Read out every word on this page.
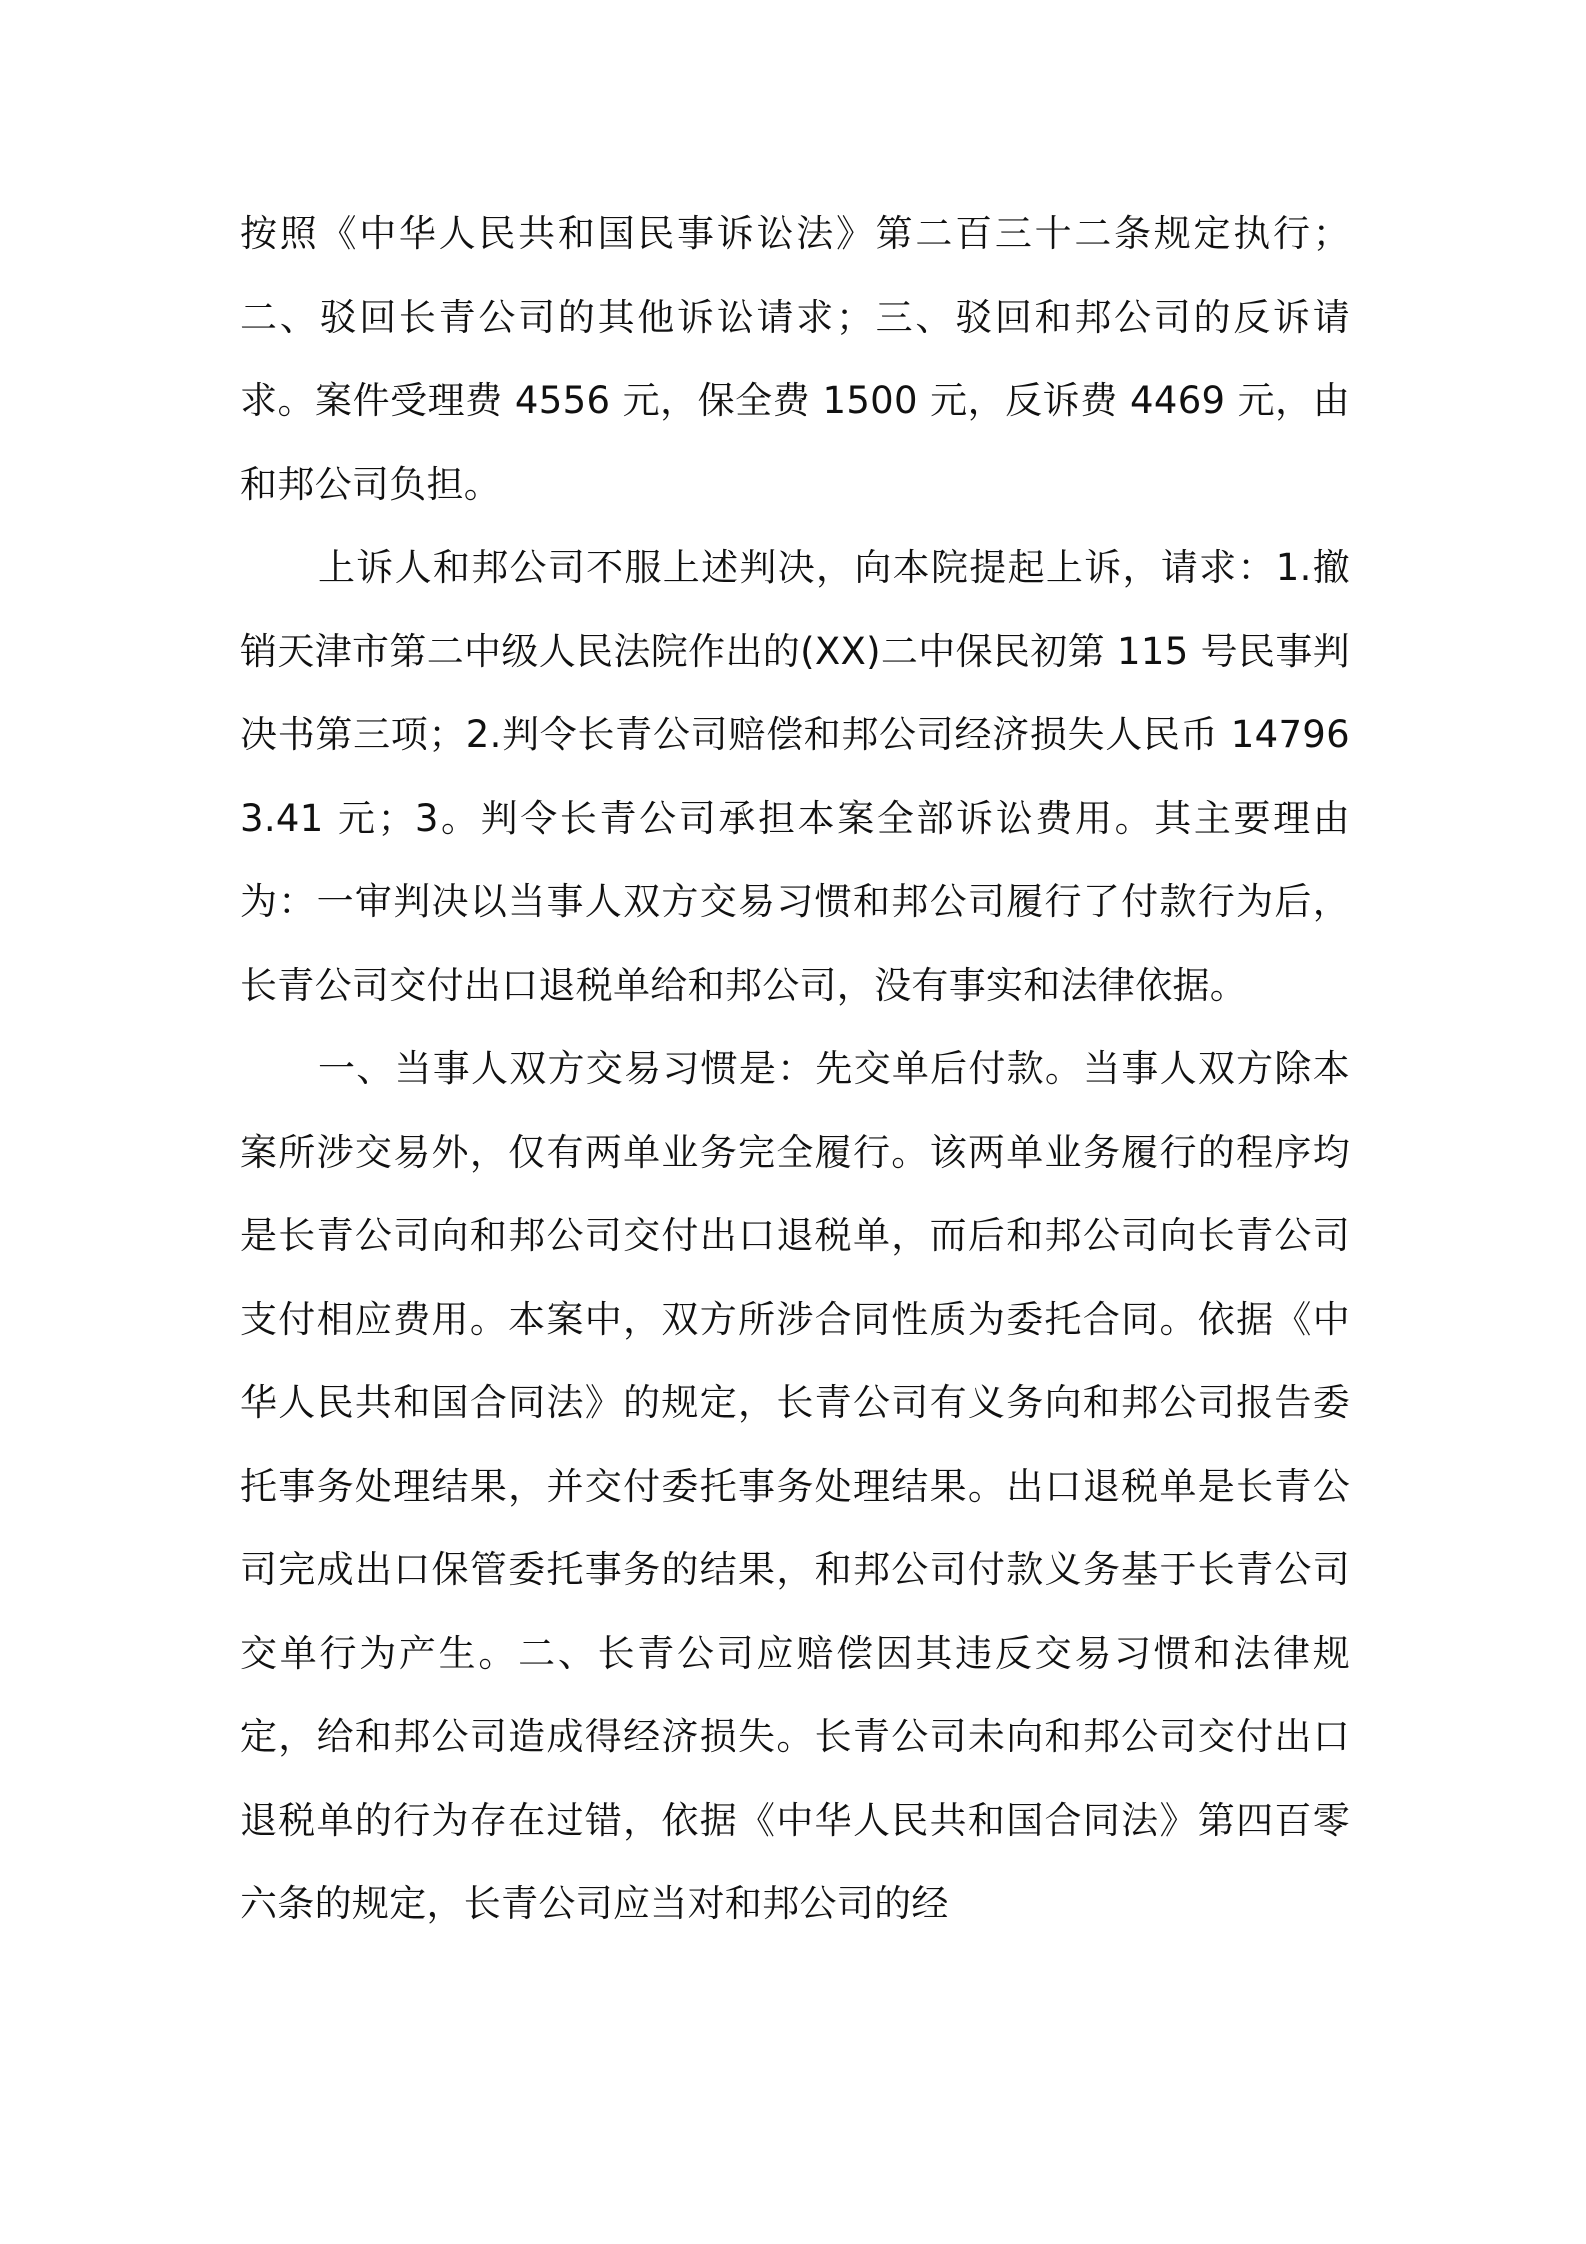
按照《中华人民共和国民事诉讼法》第二百三十二条规定执行；二、驳回长青公司的其他诉讼请求；三、驳回和邦公司的反诉请求。案件受理费 4556 元，保全费 1500 元，反诉费 4469 元，由和邦公司负担。

上诉人和邦公司不服上述判决，向本院提起上诉，请求：1.撤销天津市第二中级人民法院作出的(XX)二中保民初第 115 号民事判决书第三项；2.判令长青公司赔偿和邦公司经济损失人民币 147963.41 元；3。判令长青公司承担本案全部诉讼费用。其主要理由为：一审判决以当事人双方交易习惯和邦公司履行了付款行为后，长青公司交付出口退税单给和邦公司，没有事实和法律依据。

一、当事人双方交易习惯是：先交单后付款。当事人双方除本案所涉交易外，仅有两单业务完全履行。该两单业务履行的程序均是长青公司向和邦公司交付出口退税单，而后和邦公司向长青公司支付相应费用。本案中，双方所涉合同性质为委托合同。依据《中华人民共和国合同法》的规定，长青公司有义务向和邦公司报告委托事务处理结果，并交付委托事务处理结果。出口退税单是长青公司完成出口保管委托事务的结果，和邦公司付款义务基于长青公司交单行为产生。二、长青公司应赔偿因其违反交易习惯和法律规定，给和邦公司造成得经济损失。长青公司未向和邦公司交付出口退税单的行为存在过错，依据《中华人民共和国合同法》第四百零六条的规定，长青公司应当对和邦公司的经
